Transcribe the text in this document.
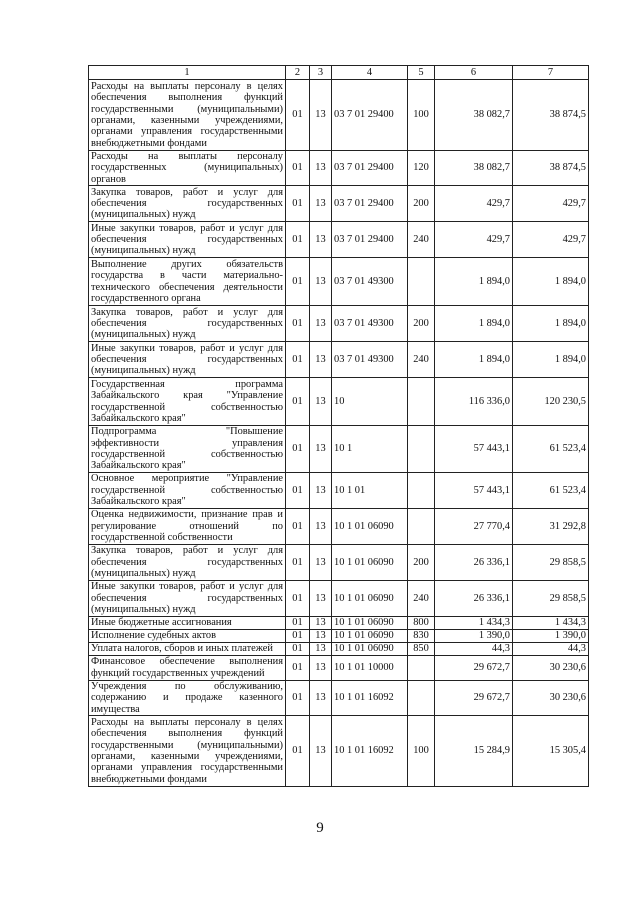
1	2	3	4	5	6	7
Расходы на выплаты персоналу в целях обеспечения выполнения функций государственными (муниципальными) органами, казенными учреждениями, органами управления государственными внебюджетными фондами	01	13	03 7 01 29400	100	38 082,7	38 874,5
Расходы на выплаты персоналу государственных (муниципальных) органов	01	13	03 7 01 29400	120	38 082,7	38 874,5
Закупка товаров, работ и услуг для обеспечения государственных (муниципальных) нужд	01	13	03 7 01 29400	200	429,7	429,7
Иные закупки товаров, работ и услуг для обеспечения государственных (муниципальных) нужд	01	13	03 7 01 29400	240	429,7	429,7
Выполнение других обязательств государства в части материально-технического обеспечения деятельности государственного органа	01	13	03 7 01 49300		1 894,0	1 894,0
Закупка товаров, работ и услуг для обеспечения государственных (муниципальных) нужд	01	13	03 7 01 49300	200	1 894,0	1 894,0
Иные закупки товаров, работ и услуг для обеспечения государственных (муниципальных) нужд	01	13	03 7 01 49300	240	1 894,0	1 894,0
Государственная программа Забайкальского края "Управление государственной собственностью Забайкальского края"	01	13	10		116 336,0	120 230,5
Подпрограмма "Повышение эффективности управления государственной собственностью Забайкальского края"	01	13	10 1		57 443,1	61 523,4
Основное мероприятие "Управление государственной собственностью Забайкальского края"	01	13	10 1 01		57 443,1	61 523,4
Оценка недвижимости, признание прав и регулирование отношений по государственной собственности	01	13	10 1 01 06090		27 770,4	31 292,8
Закупка товаров, работ и услуг для обеспечения государственных (муниципальных) нужд	01	13	10 1 01 06090	200	26 336,1	29 858,5
Иные закупки товаров, работ и услуг для обеспечения государственных (муниципальных) нужд	01	13	10 1 01 06090	240	26 336,1	29 858,5
Иные бюджетные ассигнования	01	13	10 1 01 06090	800	1 434,3	1 434,3
Исполнение судебных актов	01	13	10 1 01 06090	830	1 390,0	1 390,0
Уплата налогов, сборов и иных платежей	01	13	10 1 01 06090	850	44,3	44,3
Финансовое обеспечение выполнения функций государственных учреждений	01	13	10 1 01 10000		29 672,7	30 230,6
Учреждения по обслуживанию, содержанию и продаже казенного имущества	01	13	10 1 01 16092		29 672,7	30 230,6
Расходы на выплаты персоналу в целях обеспечения выполнения функций государственными (муниципальными) органами, казенными учреждениями, органами управления государственными внебюджетными фондами	01	13	10 1 01 16092	100	15 284,9	15 305,4
9
